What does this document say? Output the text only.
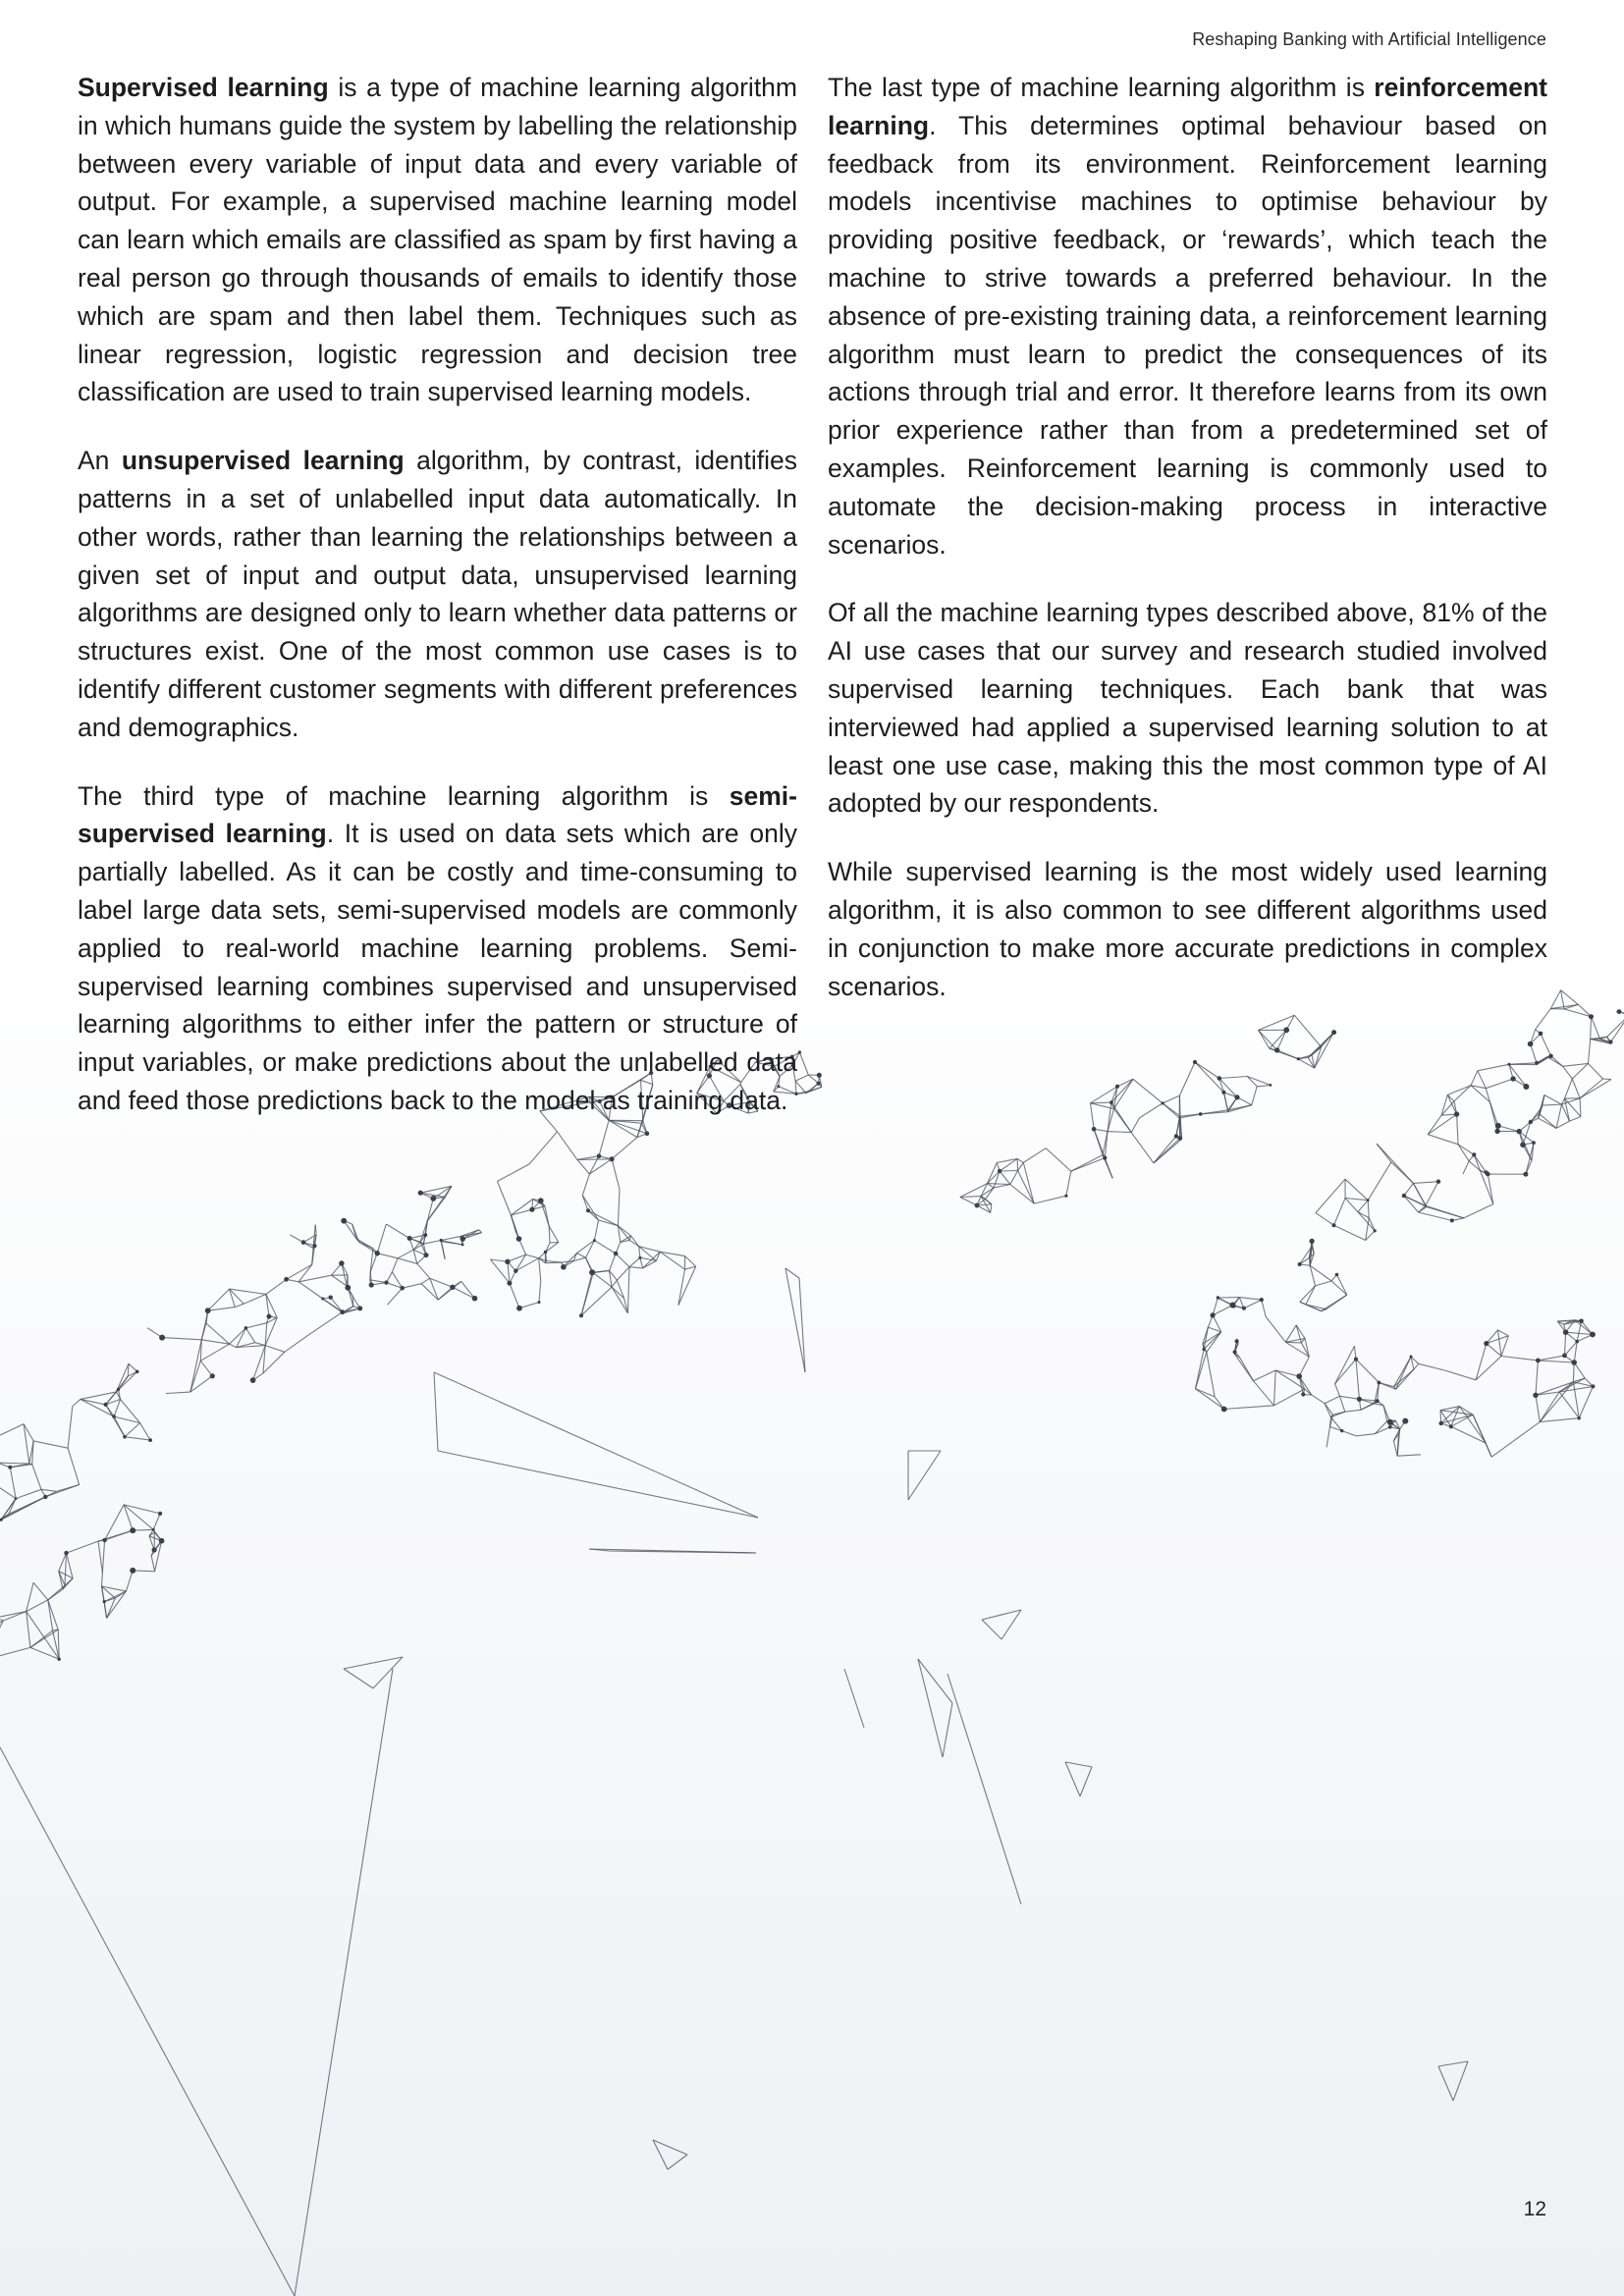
Reshaping Banking with Artificial Intelligence

Supervised learning is a type of machine learning algorithm in which humans guide the system by labelling the relationship between every variable of input data and every variable of output. For example, a supervised machine learning model can learn which emails are classified as spam by first having a real person go through thousands of emails to identify those which are spam and then label them. Techniques such as linear regression, logistic regression and decision tree classification are used to train supervised learning models.

An unsupervised learning algorithm, by contrast, identifies patterns in a set of unlabelled input data automatically. In other words, rather than learning the relationships between a given set of input and output data, unsupervised learning algorithms are designed only to learn whether data patterns or structures exist. One of the most common use cases is to identify different customer segments with different preferences and demographics.

The third type of machine learning algorithm is semi-supervised learning. It is used on data sets which are only partially labelled. As it can be costly and time-consuming to label large data sets, semi-supervised models are commonly applied to real-world machine learning problems. Semi-supervised learning combines supervised and unsupervised learning algorithms to either infer the pattern or structure of input variables, or make predictions about the unlabelled data and feed those predictions back to the model as training data.

The last type of machine learning algorithm is reinforcement learning. This determines optimal behaviour based on feedback from its environment. Reinforcement learning models incentivise machines to optimise behaviour by providing positive feedback, or ‘rewards’, which teach the machine to strive towards a preferred behaviour. In the absence of pre-existing training data, a reinforcement learning algorithm must learn to predict the consequences of its actions through trial and error. It therefore learns from its own prior experience rather than from a predetermined set of examples. Reinforcement learning is commonly used to automate the decision-making process in interactive scenarios.

Of all the machine learning types described above, 81% of the AI use cases that our survey and research studied involved supervised learning techniques. Each bank that was interviewed had applied a supervised learning solution to at least one use case, making this the most common type of AI adopted by our respondents.

While supervised learning is the most widely used learning algorithm, it is also common to see different algorithms used in conjunction to make more accurate predictions in complex scenarios.

12
